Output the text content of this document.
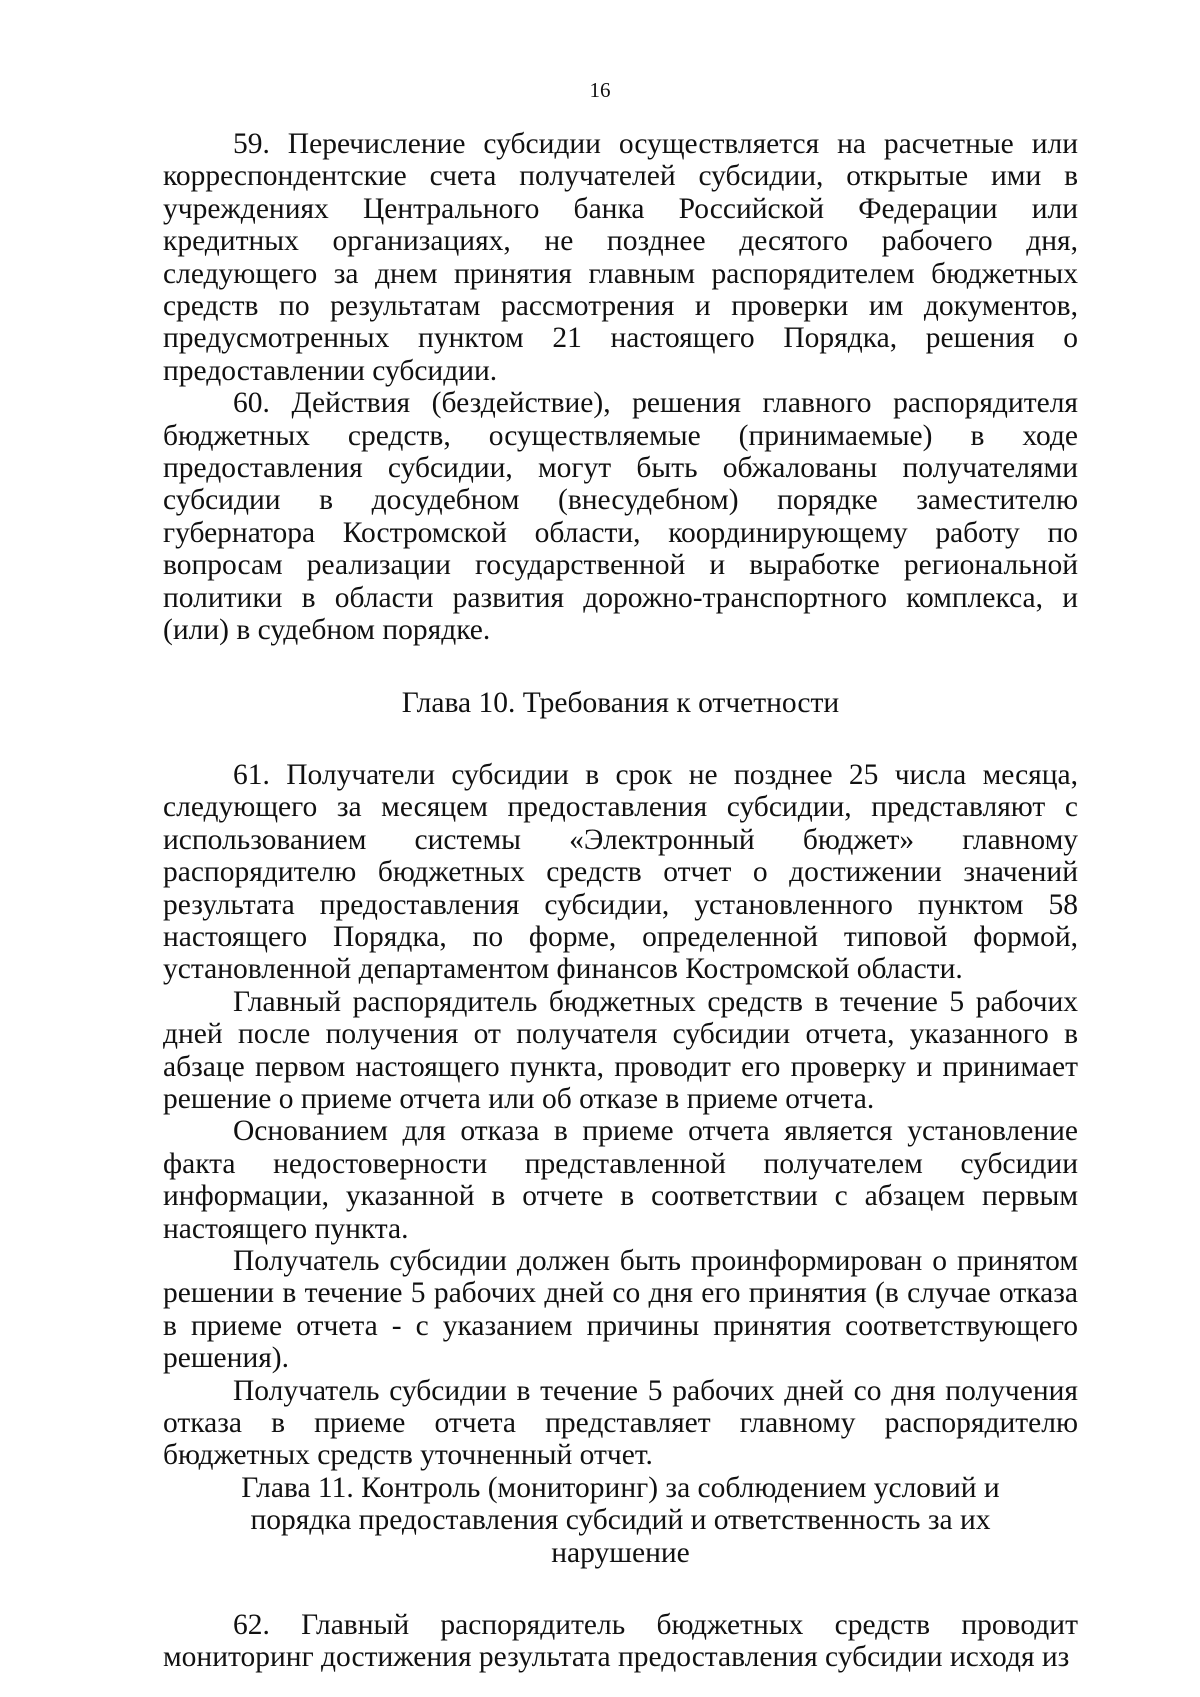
16

59. Перечисление субсидии осуществляется на расчетные или корреспондентские счета получателей субсидии, открытые ими в учреждениях Центрального банка Российской Федерации или кредитных организациях, не позднее десятого рабочего дня, следующего за днем принятия главным распорядителем бюджетных средств по результатам рассмотрения и проверки им документов, предусмотренных пунктом 21 настоящего Порядка, решения о предоставлении субсидии.

60. Действия (бездействие), решения главного распорядителя бюджетных средств, осуществляемые (принимаемые) в ходе предоставления субсидии, могут быть обжалованы получателями субсидии в досудебном (внесудебном) порядке заместителю губернатора Костромской области, координирующему работу по вопросам реализации государственной и выработке региональной политики в области развития дорожно-транспортного комплекса, и (или) в судебном порядке.

Глава 10. Требования к отчетности

61. Получатели субсидии в срок не позднее 25 числа месяца, следующего за месяцем предоставления субсидии, представляют с использованием системы «Электронный бюджет» главному распорядителю бюджетных средств отчет о достижении значений результата предоставления субсидии, установленного пунктом 58 настоящего Порядка, по форме, определенной типовой формой, установленной департаментом финансов Костромской области.

Главный распорядитель бюджетных средств в течение 5 рабочих дней после получения от получателя субсидии отчета, указанного в абзаце первом настоящего пункта, проводит его проверку и принимает решение о приеме отчета или об отказе в приеме отчета.

Основанием для отказа в приеме отчета является установление факта недостоверности представленной получателем субсидии информации, указанной в отчете в соответствии с абзацем первым настоящего пункта.

Получатель субсидии должен быть проинформирован о принятом решении в течение 5 рабочих дней со дня его принятия (в случае отказа в приеме отчета - с указанием причины принятия соответствующего решения).

Получатель субсидии в течение 5 рабочих дней со дня получения отказа в приеме отчета представляет главному распорядителю бюджетных средств уточненный отчет.

Глава 11. Контроль (мониторинг) за соблюдением условий и порядка предоставления субсидий и ответственность за их нарушение

62. Главный распорядитель бюджетных средств проводит мониторинг достижения результата предоставления субсидии исходя из
